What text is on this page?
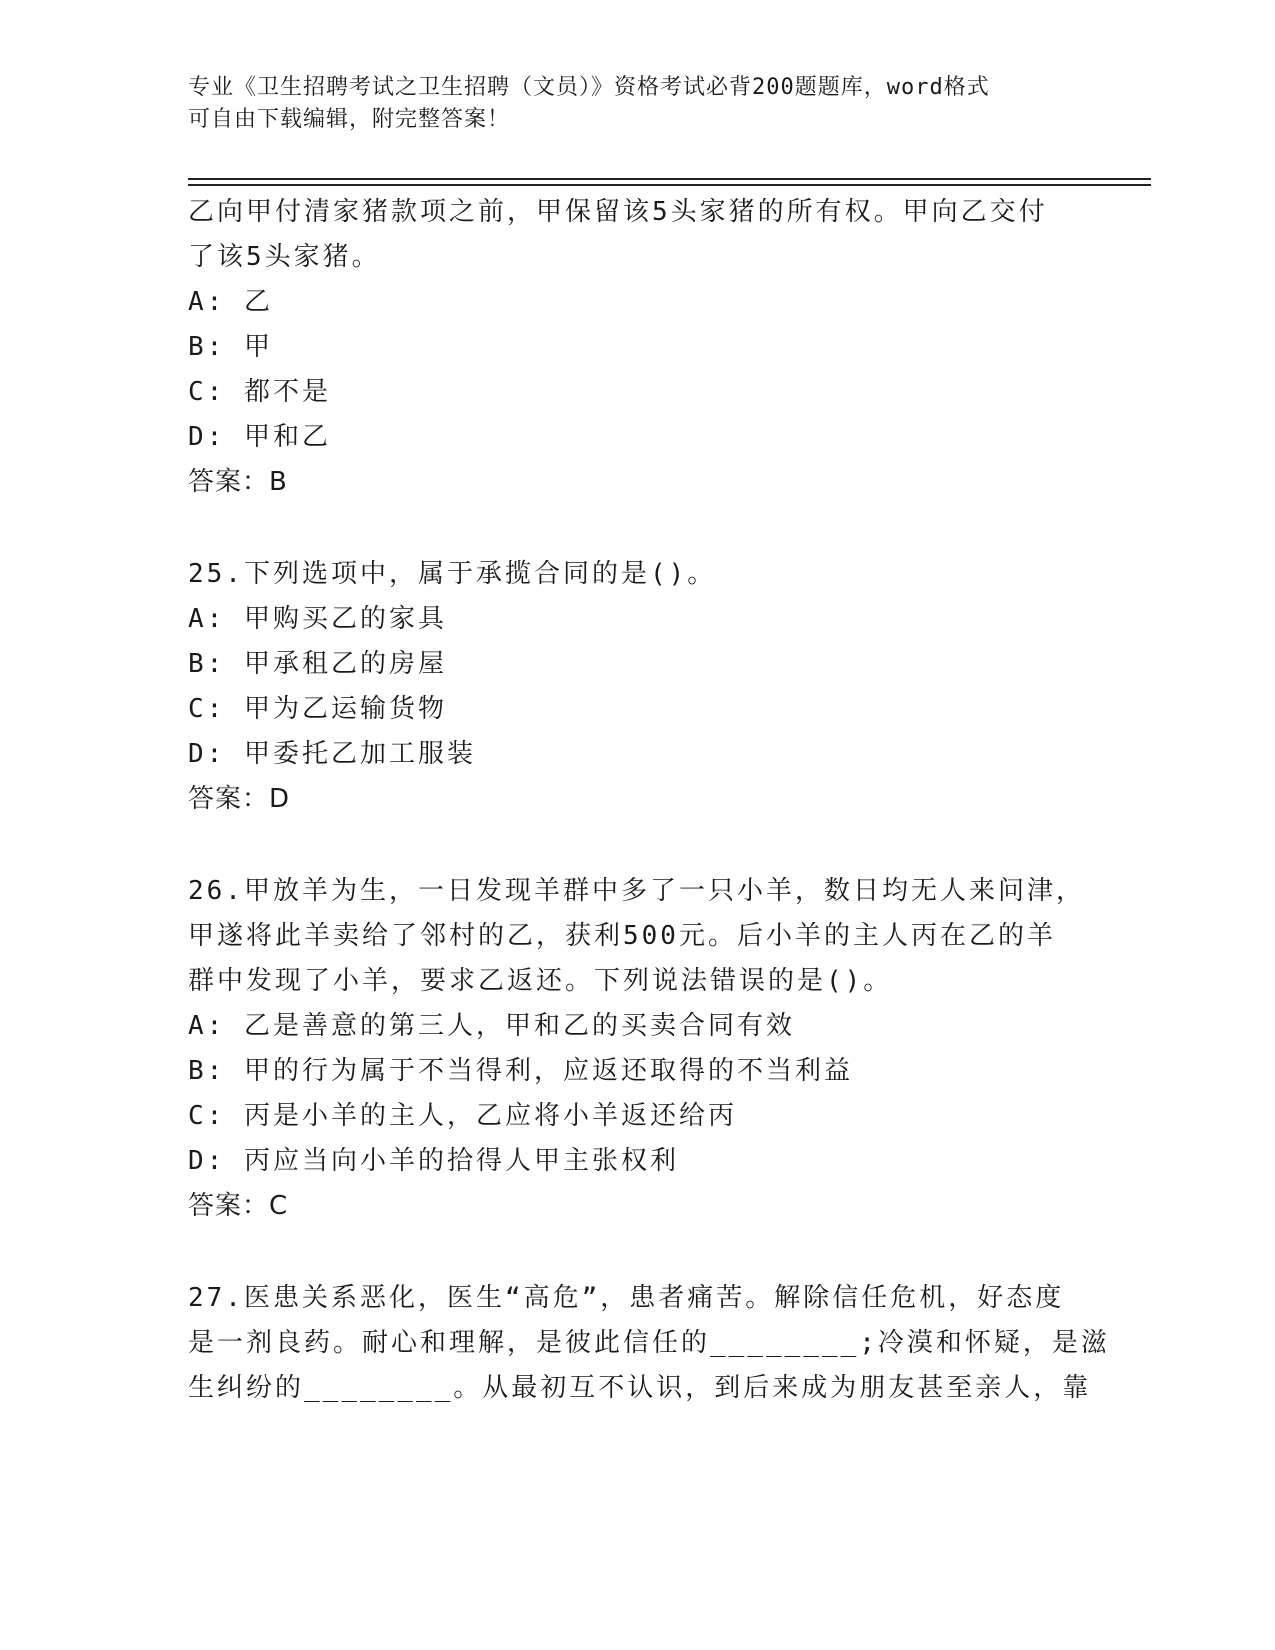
专业《卫生招聘考试之卫生招聘（文员）》资格考试必背200题题库，word格式
可自由下载编辑，附完整答案！
乙向甲付清家猪款项之前，甲保留该5头家猪的所有权。甲向乙交付
了该5头家猪。
A: 乙
B: 甲
C: 都不是
D: 甲和乙
答案：B
25.下列选项中，属于承揽合同的是()。
A: 甲购买乙的家具
B: 甲承租乙的房屋
C: 甲为乙运输货物
D: 甲委托乙加工服装
答案：D
26.甲放羊为生，一日发现羊群中多了一只小羊，数日均无人来问津，
甲遂将此羊卖给了邻村的乙，获利500元。后小羊的主人丙在乙的羊
群中发现了小羊，要求乙返还。下列说法错误的是()。
A: 乙是善意的第三人，甲和乙的买卖合同有效
B: 甲的行为属于不当得利，应返还取得的不当利益
C: 丙是小羊的主人，乙应将小羊返还给丙
D: 丙应当向小羊的拾得人甲主张权利
答案：C
27.医患关系恶化，医生“高危”，患者痛苦。解除信任危机，好态度
是一剂良药。耐心和理解，是彼此信任的________;冷漠和怀疑，是滋
生纠纷的________。从最初互不认识，到后来成为朋友甚至亲人，靠
